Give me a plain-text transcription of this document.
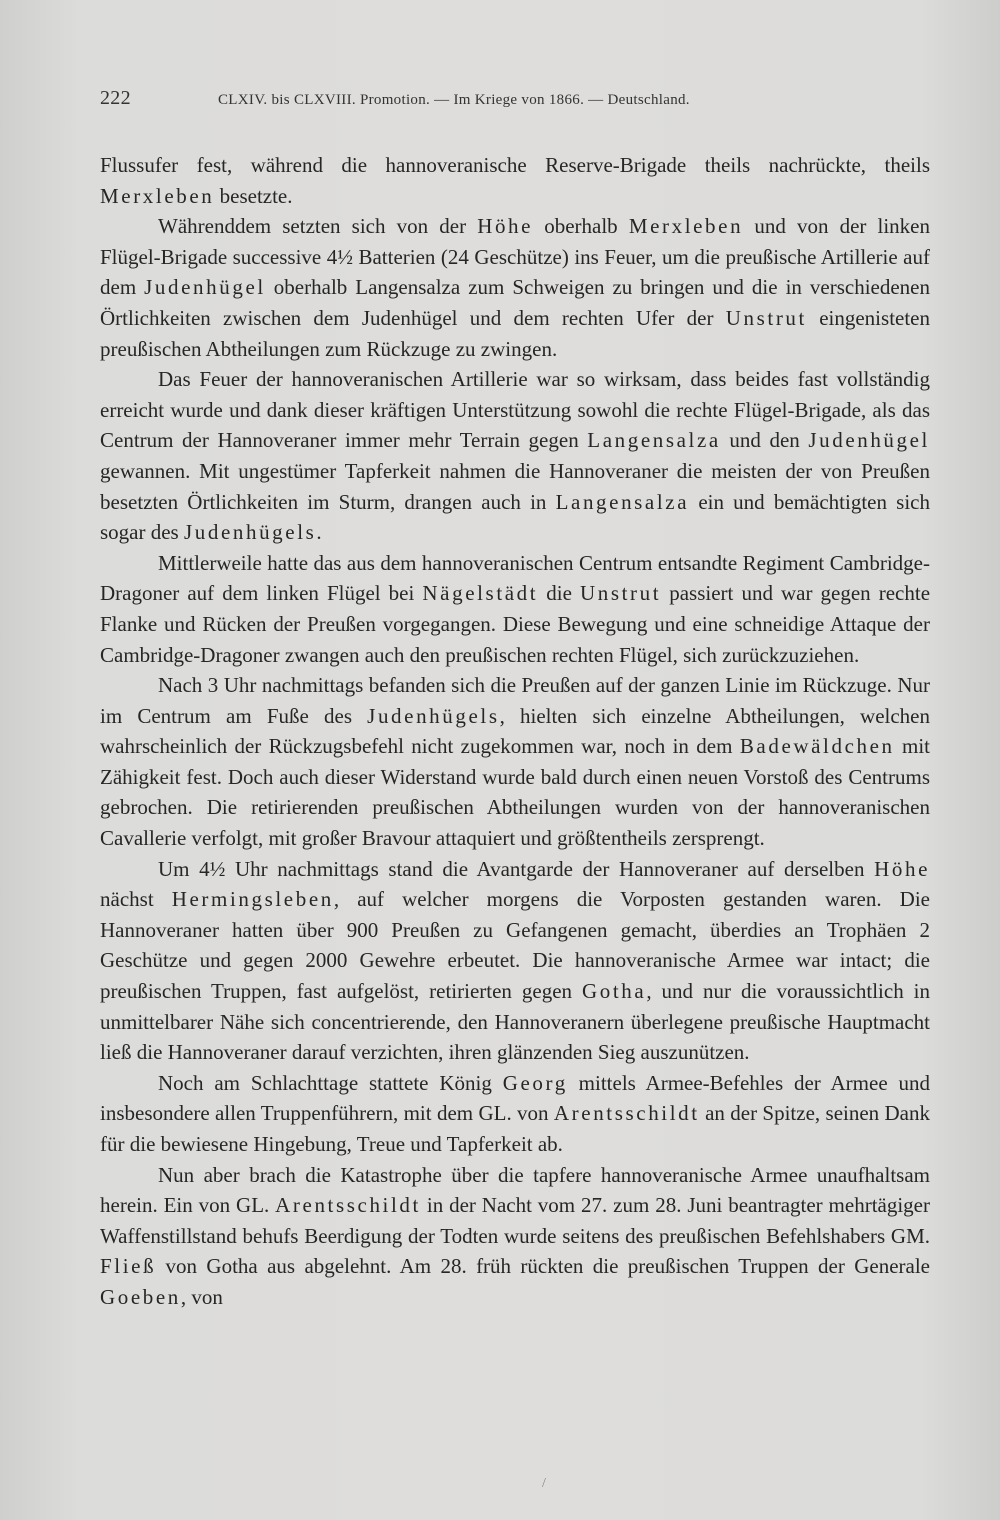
222	CLXIV. bis CLXVIII. Promotion. — Im Kriege von 1866. — Deutschland.

Flussufer fest, während die hannoveranische Reserve-Brigade theils nachrückte, theils Merxleben besetzte.

Währenddem setzten sich von der Höhe oberhalb Merxleben und von der linken Flügel-Brigade successive 4½ Batterien (24 Geschütze) ins Feuer, um die preußische Artillerie auf dem Judenhügel oberhalb Langensalza zum Schweigen zu bringen und die in verschiedenen Örtlichkeiten zwischen dem Judenhügel und dem rechten Ufer der Unstrut eingenisteten preußischen Abtheilungen zum Rückzuge zu zwingen.

Das Feuer der hannoveranischen Artillerie war so wirksam, dass beides fast vollständig erreicht wurde und dank dieser kräftigen Unterstützung sowohl die rechte Flügel-Brigade, als das Centrum der Hannoveraner immer mehr Terrain gegen Langensalza und den Judenhügel gewannen. Mit ungestümer Tapferkeit nahmen die Hannoveraner die meisten der von Preußen besetzten Örtlichkeiten im Sturm, drangen auch in Langensalza ein und bemächtigten sich sogar des Judenhügels.

Mittlerweile hatte das aus dem hannoveranischen Centrum entsandte Regiment Cambridge-Dragoner auf dem linken Flügel bei Nägelstädt die Unstrut passiert und war gegen rechte Flanke und Rücken der Preußen vorgegangen. Diese Bewegung und eine schneidige Attaque der Cambridge-Dragoner zwangen auch den preußischen rechten Flügel, sich zurückzuziehen.

Nach 3 Uhr nachmittags befanden sich die Preußen auf der ganzen Linie im Rückzuge. Nur im Centrum am Fuße des Judenhügels, hielten sich einzelne Abtheilungen, welchen wahrscheinlich der Rückzugsbefehl nicht zugekommen war, noch in dem Badewäldchen mit Zähigkeit fest. Doch auch dieser Widerstand wurde bald durch einen neuen Vorstoß des Centrums gebrochen. Die retirierenden preußischen Abtheilungen wurden von der hannoveranischen Cavallerie verfolgt, mit großer Bravour attaquiert und größtentheils zersprengt.

Um 4½ Uhr nachmittags stand die Avantgarde der Hannoveraner auf derselben Höhe nächst Hermingsleben, auf welcher morgens die Vorposten gestanden waren. Die Hannoveraner hatten über 900 Preußen zu Gefangenen gemacht, überdies an Trophäen 2 Geschütze und gegen 2000 Gewehre erbeutet. Die hannoveranische Armee war intact; die preußischen Truppen, fast aufgelöst, retirierten gegen Gotha, und nur die voraussichtlich in unmittelbarer Nähe sich concentrierende, den Hannoveranern überlegene preußische Hauptmacht ließ die Hannoveraner darauf verzichten, ihren glänzenden Sieg auszunützen.

Noch am Schlachttage stattete König Georg mittels Armee-Befehles der Armee und insbesondere allen Truppenführern, mit dem GL. von Arentsschildt an der Spitze, seinen Dank für die bewiesene Hingebung, Treue und Tapferkeit ab.

Nun aber brach die Katastrophe über die tapfere hannoveranische Armee unaufhaltsam herein. Ein von GL. Arentsschildt in der Nacht vom 27. zum 28. Juni beantragter mehrtägiger Waffenstillstand behufs Beerdigung der Todten wurde seitens des preußischen Befehlshabers GM. Fließ von Gotha aus abgelehnt. Am 28. früh rückten die preußischen Truppen der Generale Goeben, von

/
